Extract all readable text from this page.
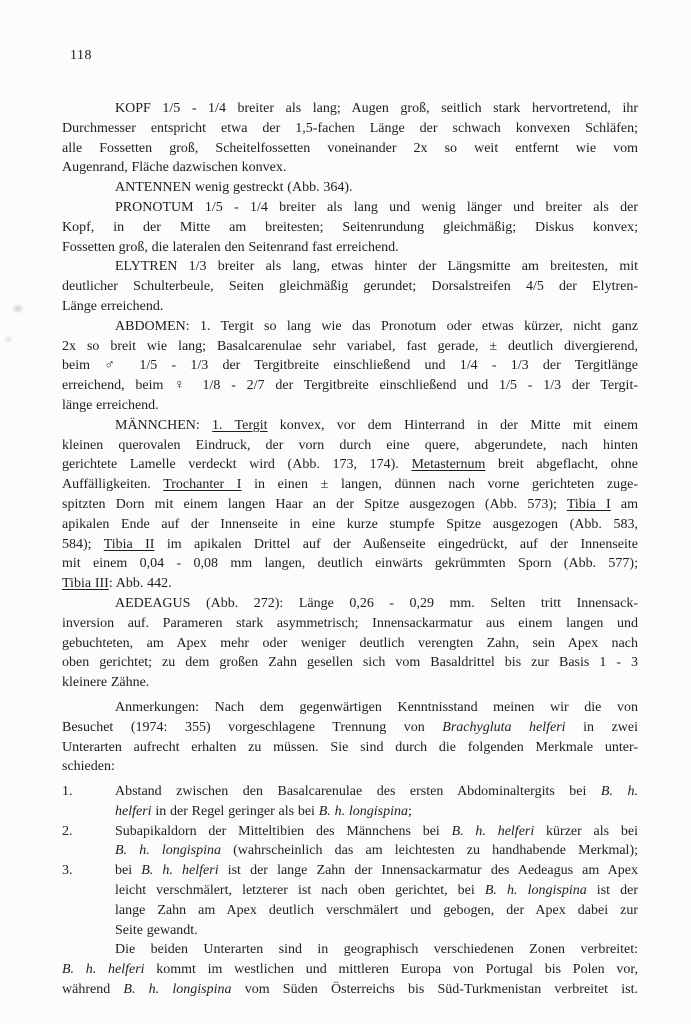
118
KOPF 1/5 - 1/4 breiter als lang; Augen groß, seitlich stark hervortretend, ihr
Durchmesser entspricht etwa der 1,5-fachen Länge der schwach konvexen Schläfen;
alle Fossetten groß, Scheitelfossetten voneinander 2x so weit entfernt wie vom
Augenrand, Fläche dazwischen konvex.
ANTENNEN wenig gestreckt (Abb. 364).
PRONOTUM 1/5 - 1/4 breiter als lang und wenig länger und breiter als der
Kopf, in der Mitte am breitesten; Seitenrundung gleichmäßig; Diskus konvex;
Fossetten groß, die lateralen den Seitenrand fast erreichend.
ELYTREN 1/3 breiter als lang, etwas hinter der Längsmitte am breitesten, mit
deutlicher Schulterbeule, Seiten gleichmäßig gerundet; Dorsalstreifen 4/5 der Elytren-
Länge erreichend.
ABDOMEN: 1. Tergit so lang wie das Pronotum oder etwas kürzer, nicht ganz
2x so breit wie lang; Basalcarenulae sehr variabel, fast gerade, ± deutlich divergierend,
beim ♂ 1/5 - 1/3 der Tergitbreite einschließend und 1/4 - 1/3 der Tergitlänge
erreichend, beim ♀ 1/8 - 2/7 der Tergitbreite einschließend und 1/5 - 1/3 der Tergit-
länge erreichend.
MÄNNCHEN: 1. Tergit konvex, vor dem Hinterrand in der Mitte mit einem
kleinen querovalen Eindruck, der vorn durch eine quere, abgerundete, nach hinten
gerichtete Lamelle verdeckt wird (Abb. 173, 174). Metasternum breit abgeflacht, ohne
Auffälligkeiten. Trochanter I in einen ± langen, dünnen nach vorne gerichteten zuge-
spitzten Dorn mit einem langen Haar an der Spitze ausgezogen (Abb. 573); Tibia I am
apikalen Ende auf der Innenseite in eine kurze stumpfe Spitze ausgezogen (Abb. 583,
584); Tibia II im apikalen Drittel auf der Außenseite eingedrückt, auf der Innenseite
mit einem 0,04 - 0,08 mm langen, deutlich einwärts gekrümmten Sporn (Abb. 577);
Tibia III: Abb. 442.
AEDEAGUS (Abb. 272): Länge 0,26 - 0,29 mm. Selten tritt Innensack-
inversion auf. Parameren stark asymmetrisch; Innensackarmatur aus einem langen und
gebuchteten, am Apex mehr oder weniger deutlich verengten Zahn, sein Apex nach
oben gerichtet; zu dem großen Zahn gesellen sich vom Basaldrittel bis zur Basis 1 - 3
kleinere Zähne.
Anmerkungen: Nach dem gegenwärtigen Kenntnisstand meinen wir die von
Besuchet (1974: 355) vorgeschlagene Trennung von Brachygluta helferi in zwei
Unterarten aufrecht erhalten zu müssen. Sie sind durch die folgenden Merkmale unter-
schieden:
1.	Abstand zwischen den Basalcarenulae des ersten Abdominaltergits bei B. h.
helferi in der Regel geringer als bei B. h. longispina;
2.	Subapikaldorn der Mitteltibien des Männchens bei B. h. helferi kürzer als bei
B. h. longispina (wahrscheinlich das am leichtesten zu handhabende Merkmal);
3.	bei B. h. helferi ist der lange Zahn der Innensackarmatur des Aedeagus am Apex
leicht verschmälert, letzterer ist nach oben gerichtet, bei B. h. longispina ist der
lange Zahn am Apex deutlich verschmälert und gebogen, der Apex dabei zur
Seite gewandt.
Die beiden Unterarten sind in geographisch verschiedenen Zonen verbreitet:
B. h. helferi kommt im westlichen und mittleren Europa von Portugal bis Polen vor,
während B. h. longispina vom Süden Österreichs bis Süd-Turkmenistan verbreitet ist.
